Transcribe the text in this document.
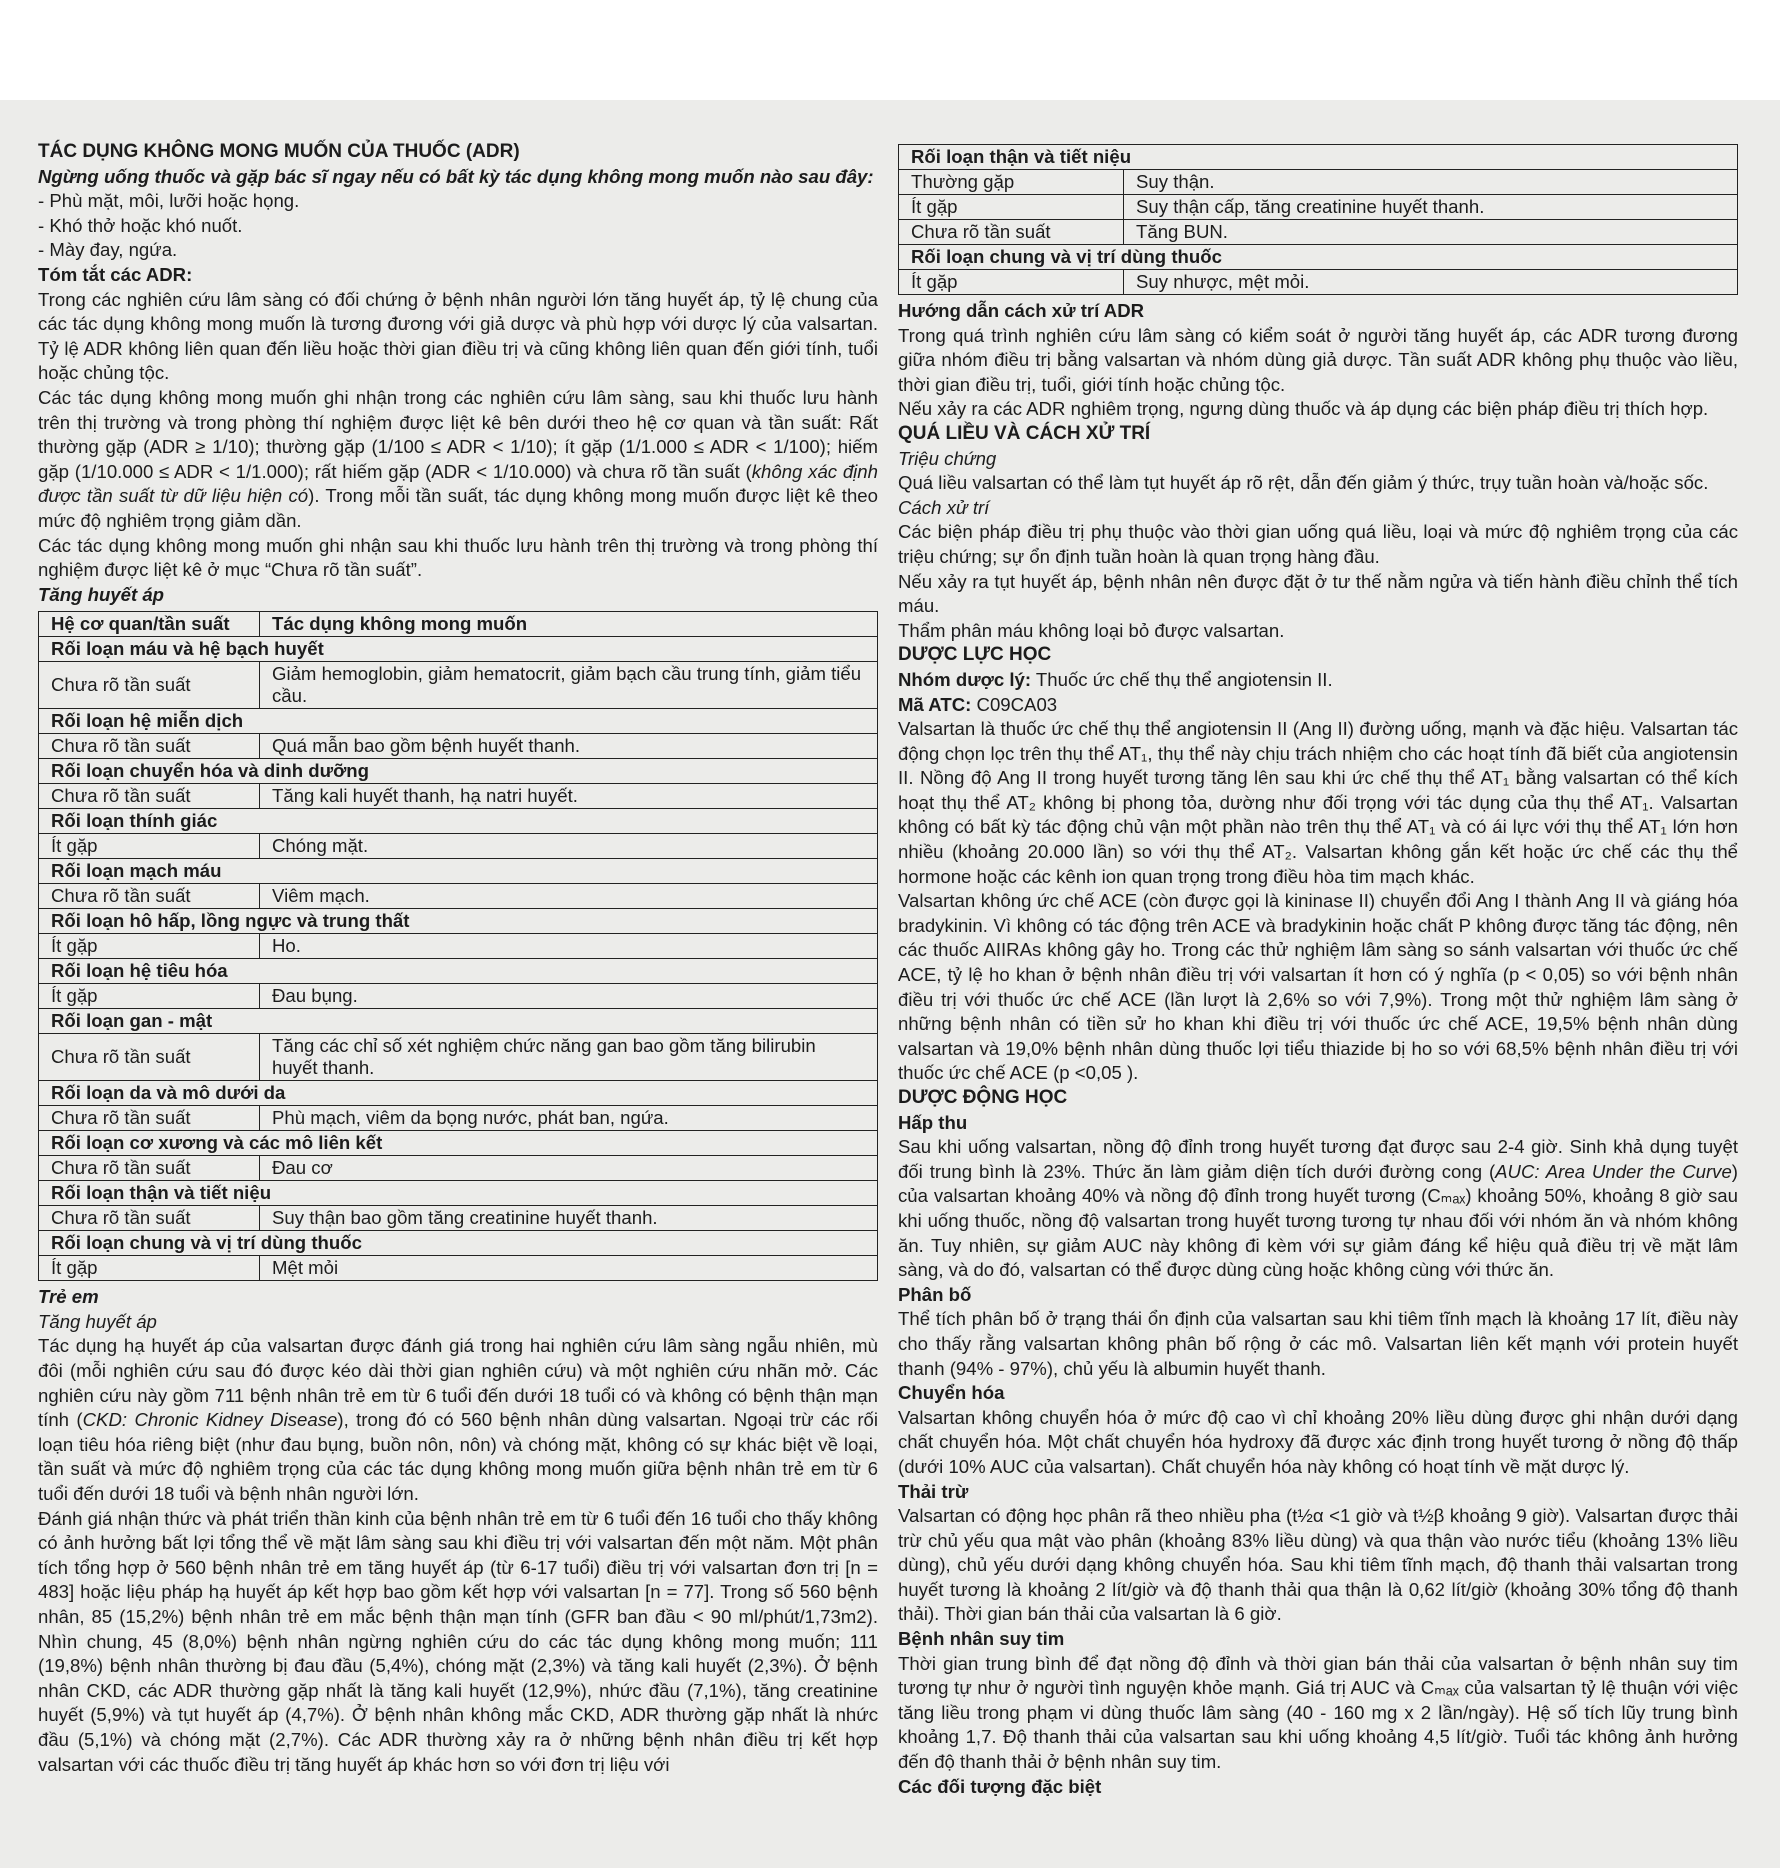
TÁC DỤNG KHÔNG MONG MUỐN CỦA THUỐC (ADR)

Ngừng uống thuốc và gặp bác sĩ ngay nếu có bất kỳ tác dụng không mong muốn nào sau đây:

- Phù mặt, môi, lưỡi hoặc họng.

- Khó thở hoặc khó nuốt.

- Mày đay, ngứa.

Tóm tắt các ADR:

Trong các nghiên cứu lâm sàng có đối chứng ở bệnh nhân người lớn tăng huyết áp, tỷ lệ chung của các tác dụng không mong muốn là tương đương với giả dược và phù hợp với dược lý của valsartan. Tỷ lệ ADR không liên quan đến liều hoặc thời gian điều trị và cũng không liên quan đến giới tính, tuổi hoặc chủng tộc.

Các tác dụng không mong muốn ghi nhận trong các nghiên cứu lâm sàng, sau khi thuốc lưu hành trên thị trường và trong phòng thí nghiệm được liệt kê bên dưới theo hệ cơ quan và tần suất: Rất thường gặp (ADR ≥ 1/10); thường gặp (1/100 ≤ ADR < 1/10); ít gặp (1/1.000 ≤ ADR < 1/100); hiếm gặp (1/10.000 ≤ ADR < 1/1.000); rất hiếm gặp (ADR < 1/10.000) và chưa rõ tần suất (không xác định được tần suất từ dữ liệu hiện có). Trong mỗi tần suất, tác dụng không mong muốn được liệt kê theo mức độ nghiêm trọng giảm dần.

Các tác dụng không mong muốn ghi nhận sau khi thuốc lưu hành trên thị trường và trong phòng thí nghiệm được liệt kê ở mục “Chưa rõ tần suất”.

Tăng huyết áp

Hệ cơ quan/tần suất	Tác dụng không mong muốn
Rối loạn máu và hệ bạch huyết	
Chưa rõ tần suất	Giảm hemoglobin, giảm hematocrit, giảm bạch cầu trung tính, giảm tiểu cầu.
Rối loạn hệ miễn dịch	
Chưa rõ tần suất	Quá mẫn bao gồm bệnh huyết thanh.
Rối loạn chuyển hóa và dinh dưỡng	
Chưa rõ tần suất	Tăng kali huyết thanh, hạ natri huyết.
Rối loạn thính giác	
Ít gặp	Chóng mặt.
Rối loạn mạch máu	
Chưa rõ tần suất	Viêm mạch.
Rối loạn hô hấp, lồng ngực và trung thất	
Ít gặp	Ho.
Rối loạn hệ tiêu hóa	
Ít gặp	Đau bụng.
Rối loạn gan - mật	
Chưa rõ tần suất	Tăng các chỉ số xét nghiệm chức năng gan bao gồm tăng bilirubin huyết thanh.
Rối loạn da và mô dưới da	
Chưa rõ tần suất	Phù mạch, viêm da bọng nước, phát ban, ngứa.
Rối loạn cơ xương và các mô liên kết	
Chưa rõ tần suất	Đau cơ
Rối loạn thận và tiết niệu	
Chưa rõ tần suất	Suy thận bao gồm tăng creatinine huyết thanh.
Rối loạn chung và vị trí dùng thuốc	
Ít gặp	Mệt mỏi

Trẻ em

Tăng huyết áp

Tác dụng hạ huyết áp của valsartan được đánh giá trong hai nghiên cứu lâm sàng ngẫu nhiên, mù đôi (mỗi nghiên cứu sau đó được kéo dài thời gian nghiên cứu) và một nghiên cứu nhãn mở. Các nghiên cứu này gồm 711 bệnh nhân trẻ em từ 6 tuổi đến dưới 18 tuổi có và không có bệnh thận mạn tính (CKD: Chronic Kidney Disease), trong đó có 560 bệnh nhân dùng valsartan. Ngoại trừ các rối loạn tiêu hóa riêng biệt (như đau bụng, buồn nôn, nôn) và chóng mặt, không có sự khác biệt về loại, tần suất và mức độ nghiêm trọng của các tác dụng không mong muốn giữa bệnh nhân trẻ em từ 6 tuổi đến dưới 18 tuổi và bệnh nhân người lớn.

Đánh giá nhận thức và phát triển thần kinh của bệnh nhân trẻ em từ 6 tuổi đến 16 tuổi cho thấy không có ảnh hưởng bất lợi tổng thể về mặt lâm sàng sau khi điều trị với valsartan đến một năm. Một phân tích tổng hợp ở 560 bệnh nhân trẻ em tăng huyết áp (từ 6-17 tuổi) điều trị với valsartan đơn trị [n = 483] hoặc liệu pháp hạ huyết áp kết hợp bao gồm kết hợp với valsartan [n = 77]. Trong số 560 bệnh nhân, 85 (15,2%) bệnh nhân trẻ em mắc bệnh thận mạn tính (GFR ban đầu < 90 ml/phút/1,73m2). Nhìn chung, 45 (8,0%) bệnh nhân ngừng nghiên cứu do các tác dụng không mong muốn; 111 (19,8%) bệnh nhân thường bị đau đầu (5,4%), chóng mặt (2,3%) và tăng kali huyết (2,3%). Ở bệnh nhân CKD, các ADR thường gặp nhất là tăng kali huyết (12,9%), nhức đầu (7,1%), tăng creatinine huyết (5,9%) và tụt huyết áp (4,7%). Ở bệnh nhân không mắc CKD, ADR thường gặp nhất là nhức đầu (5,1%) và chóng mặt (2,7%). Các ADR thường xảy ra ở những bệnh nhân điều trị kết hợp valsartan với các thuốc điều trị tăng huyết áp khác hơn so với đơn trị liệu với

Rối loạn thận và tiết niệu	
Thường gặp	Suy thận.
Ít gặp	Suy thận cấp, tăng creatinine huyết thanh.
Chưa rõ tần suất	Tăng BUN.
Rối loạn chung và vị trí dùng thuốc	
Ít gặp	Suy nhược, mệt mỏi.

Hướng dẫn cách xử trí ADR

Trong quá trình nghiên cứu lâm sàng có kiểm soát ở người tăng huyết áp, các ADR tương đương giữa nhóm điều trị bằng valsartan và nhóm dùng giả dược. Tần suất ADR không phụ thuộc vào liều, thời gian điều trị, tuổi, giới tính hoặc chủng tộc.

Nếu xảy ra các ADR nghiêm trọng, ngưng dùng thuốc và áp dụng các biện pháp điều trị thích hợp.

QUÁ LIỀU VÀ CÁCH XỬ TRÍ

Triệu chứng

Quá liều valsartan có thể làm tụt huyết áp rõ rệt, dẫn đến giảm ý thức, trụy tuần hoàn và/hoặc sốc.

Cách xử trí

Các biện pháp điều trị phụ thuộc vào thời gian uống quá liều, loại và mức độ nghiêm trọng của các triệu chứng; sự ổn định tuần hoàn là quan trọng hàng đầu.

Nếu xảy ra tụt huyết áp, bệnh nhân nên được đặt ở tư thế nằm ngửa và tiến hành điều chỉnh thể tích máu.

Thẩm phân máu không loại bỏ được valsartan.

DƯỢC LỰC HỌC

Nhóm dược lý: Thuốc ức chế thụ thể angiotensin II.

Mã ATC: C09CA03

Valsartan là thuốc ức chế thụ thể angiotensin II (Ang II) đường uống, mạnh và đặc hiệu. Valsartan tác động chọn lọc trên thụ thể AT₁, thụ thể này chịu trách nhiệm cho các hoạt tính đã biết của angiotensin II. Nồng độ Ang II trong huyết tương tăng lên sau khi ức chế thụ thể AT₁ bằng valsartan có thể kích hoạt thụ thể AT₂ không bị phong tỏa, dường như đối trọng với tác dụng của thụ thể AT₁. Valsartan không có bất kỳ tác động chủ vận một phần nào trên thụ thể AT₁ và có ái lực với thụ thể AT₁ lớn hơn nhiều (khoảng 20.000 lần) so với thụ thể AT₂. Valsartan không gắn kết hoặc ức chế các thụ thể hormone hoặc các kênh ion quan trọng trong điều hòa tim mạch khác.

Valsartan không ức chế ACE (còn được gọi là kininase II) chuyển đổi Ang I thành Ang II và giáng hóa bradykinin. Vì không có tác động trên ACE và bradykinin hoặc chất P không được tăng tác động, nên các thuốc AIIRAs không gây ho. Trong các thử nghiệm lâm sàng so sánh valsartan với thuốc ức chế ACE, tỷ lệ ho khan ở bệnh nhân điều trị với valsartan ít hơn có ý nghĩa (p < 0,05) so với bệnh nhân điều trị với thuốc ức chế ACE (lần lượt là 2,6% so với 7,9%). Trong một thử nghiệm lâm sàng ở những bệnh nhân có tiền sử ho khan khi điều trị với thuốc ức chế ACE, 19,5% bệnh nhân dùng valsartan và 19,0% bệnh nhân dùng thuốc lợi tiểu thiazide bị ho so với 68,5% bệnh nhân điều trị với thuốc ức chế ACE (p <0,05 ).

DƯỢC ĐỘNG HỌC

Hấp thu

Sau khi uống valsartan, nồng độ đỉnh trong huyết tương đạt được sau 2-4 giờ. Sinh khả dụng tuyệt đối trung bình là 23%. Thức ăn làm giảm diện tích dưới đường cong (AUC: Area Under the Curve) của valsartan khoảng 40% và nồng độ đỉnh trong huyết tương (Cₘₐₓ) khoảng 50%, khoảng 8 giờ sau khi uống thuốc, nồng độ valsartan trong huyết tương tương tự nhau đối với nhóm ăn và nhóm không ăn. Tuy nhiên, sự giảm AUC này không đi kèm với sự giảm đáng kể hiệu quả điều trị về mặt lâm sàng, và do đó, valsartan có thể được dùng cùng hoặc không cùng với thức ăn.

Phân bố

Thể tích phân bố ở trạng thái ổn định của valsartan sau khi tiêm tĩnh mạch là khoảng 17 lít, điều này cho thấy rằng valsartan không phân bố rộng ở các mô. Valsartan liên kết mạnh với protein huyết thanh (94% - 97%), chủ yếu là albumin huyết thanh.

Chuyển hóa

Valsartan không chuyển hóa ở mức độ cao vì chỉ khoảng 20% liều dùng được ghi nhận dưới dạng chất chuyển hóa. Một chất chuyển hóa hydroxy đã được xác định trong huyết tương ở nồng độ thấp (dưới 10% AUC của valsartan). Chất chuyển hóa này không có hoạt tính về mặt dược lý.

Thải trừ

Valsartan có động học phân rã theo nhiều pha (t½α <1 giờ và t½β khoảng 9 giờ). Valsartan được thải trừ chủ yếu qua mật vào phân (khoảng 83% liều dùng) và qua thận vào nước tiểu (khoảng 13% liều dùng), chủ yếu dưới dạng không chuyển hóa. Sau khi tiêm tĩnh mạch, độ thanh thải valsartan trong huyết tương là khoảng 2 lít/giờ và độ thanh thải qua thận là 0,62 lít/giờ (khoảng 30% tổng độ thanh thải). Thời gian bán thải của valsartan là 6 giờ.

Bệnh nhân suy tim

Thời gian trung bình để đạt nồng độ đỉnh và thời gian bán thải của valsartan ở bệnh nhân suy tim tương tự như ở người tình nguyện khỏe mạnh. Giá trị AUC và Cₘₐₓ của valsartan tỷ lệ thuận với việc tăng liều trong phạm vi dùng thuốc lâm sàng (40 - 160 mg x 2 lần/ngày). Hệ số tích lũy trung bình khoảng 1,7. Độ thanh thải của valsartan sau khi uống khoảng 4,5 lít/giờ. Tuổi tác không ảnh hưởng đến độ thanh thải ở bệnh nhân suy tim.

Các đối tượng đặc biệt
